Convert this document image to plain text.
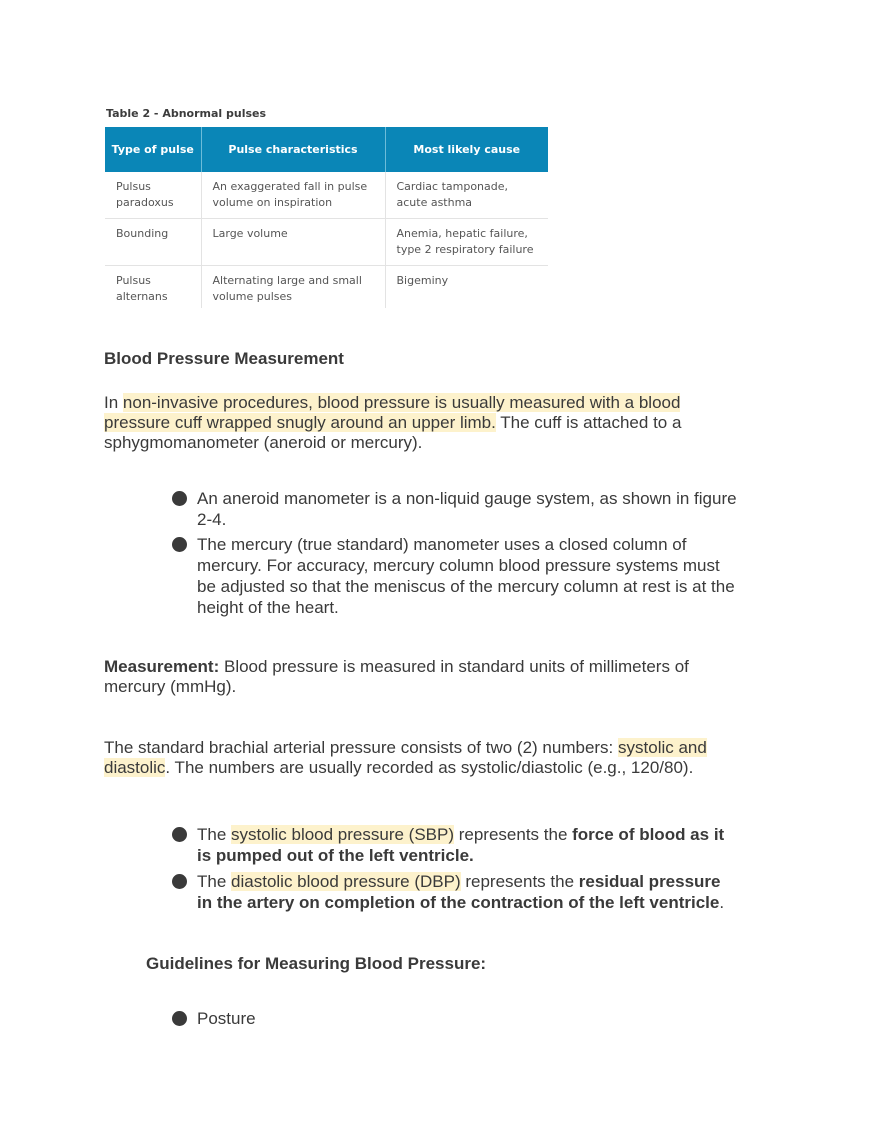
Table 2 - Abnormal pulses
Type of pulse	Pulse characteristics	Most likely cause
Pulsus paradoxus	An exaggerated fall in pulse volume on inspiration	Cardiac tamponade, acute asthma
Bounding	Large volume	Anemia, hepatic failure, type 2 respiratory failure
Pulsus alternans	Alternating large and small volume pulses	Bigeminy
Blood Pressure Measurement

In non-invasive procedures, blood pressure is usually measured with a blood pressure cuff wrapped snugly around an upper limb. The cuff is attached to a sphygmomanometer (aneroid or mercury).

An aneroid manometer is a non-liquid gauge system, as shown in figure 2-4.
The mercury (true standard) manometer uses a closed column of mercury. For accuracy, mercury column blood pressure systems must be adjusted so that the meniscus of the mercury column at rest is at the height of the heart.

Measurement: Blood pressure is measured in standard units of millimeters of mercury (mmHg).

The standard brachial arterial pressure consists of two (2) numbers: systolic and diastolic. The numbers are usually recorded as systolic/diastolic (e.g., 120/80).

The systolic blood pressure (SBP) represents the force of blood as it is pumped out of the left ventricle.
The diastolic blood pressure (DBP) represents the residual pressure in the artery on completion of the contraction of the left ventricle.
Guidelines for Measuring Blood Pressure:
Posture
